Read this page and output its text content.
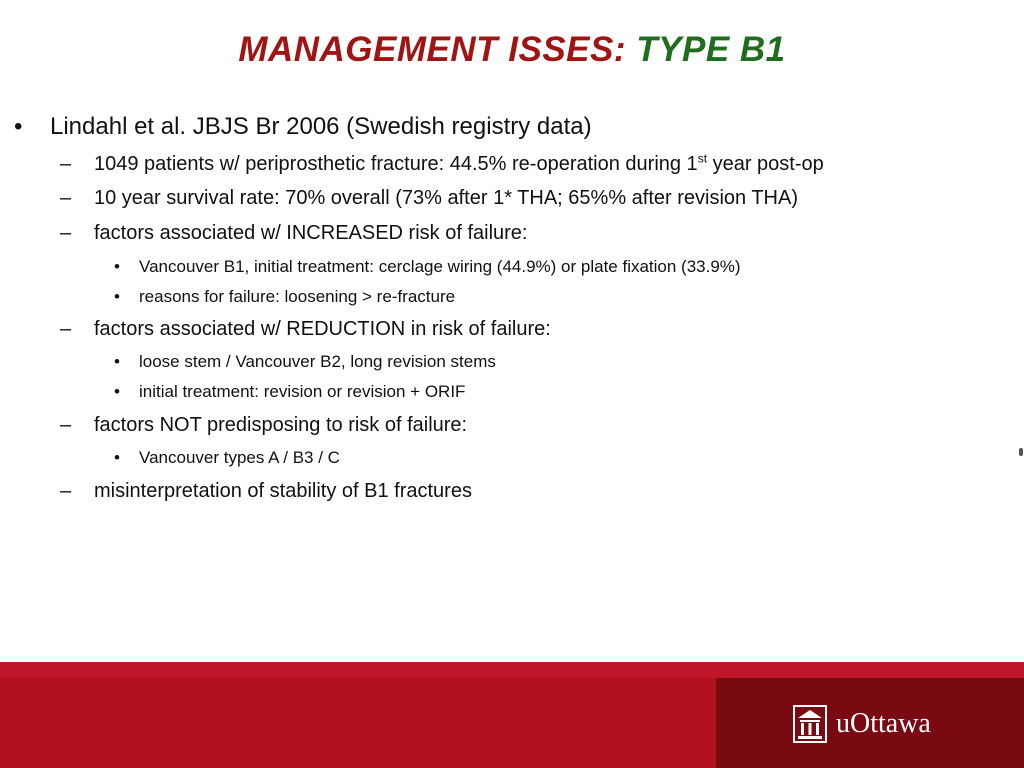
MANAGEMENT ISSES: TYPE B1
• Lindahl et al. JBJS Br 2006 (Swedish registry data)
– 1049 patients w/ periprosthetic fracture: 44.5% re-operation during 1st year post-op
– 10 year survival rate: 70% overall (73% after 1* THA; 65%% after revision THA)
– factors associated w/ INCREASED risk of failure:
• Vancouver B1, initial treatment: cerclage wiring (44.9%) or plate fixation (33.9%)
• reasons for failure: loosening > re-fracture
– factors associated w/ REDUCTION in risk of failure:
• loose stem / Vancouver B2, long revision stems
• initial treatment: revision or revision + ORIF
– factors NOT predisposing to risk of failure:
• Vancouver types A / B3 / C
– misinterpretation of stability of B1 fractures
uOttawa
